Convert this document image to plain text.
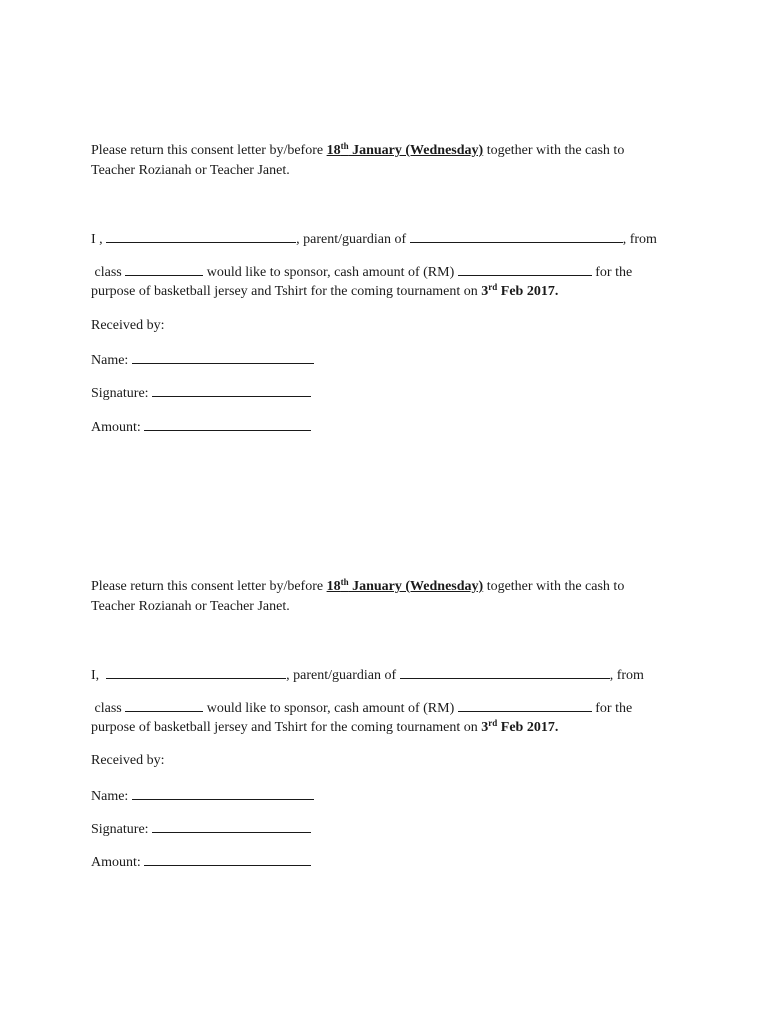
Please return this consent letter by/before 18th January (Wednesday) together with the cash to
Teacher Rozianah or Teacher Janet.
I ,	, parent/guardian of	, from
class	would like to sponsor, cash amount of (RM)	for the
purpose of basketball jersey and Tshirt for the coming tournament on 3rd Feb 2017.
Received by:
Name:
Signature:
Amount:
Please return this consent letter by/before 18th January (Wednesday) together with the cash to
Teacher Rozianah or Teacher Janet.
I,	, parent/guardian of	, from
class	would like to sponsor, cash amount of (RM)	for the
purpose of basketball jersey and Tshirt for the coming tournament on 3rd Feb 2017.
Received by:
Name:
Signature:
Amount:
